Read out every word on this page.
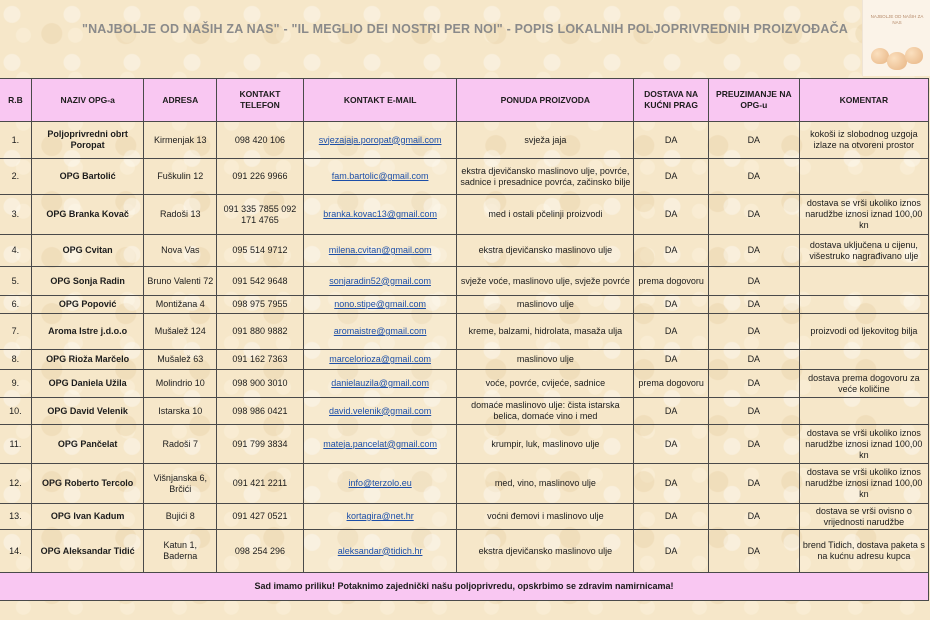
"NAJBOLJE OD NAŠIH ZA NAS" - "IL MEGLIO DEI NOSTRI PER NOI" - POPIS LOKALNIH POLJOPRIVREDNIH PROIZVOĐAČA
NAJBOLJE OD NAŠIH ZA NAS
R.B	NAZIV OPG-a	ADRESA	KONTAKT TELEFON	KONTAKT E-MAIL	PONUDA PROIZVODA	DOSTAVA NA KUĆNI PRAG	PREUZIMANJE NA OPG-u	KOMENTAR
1.	Poljoprivredni obrt Poropat	Kirmenjak 13	098 420 106	svjezajaja.poropat@gmail.com	svježa jaja	DA	DA	kokoši iz slobodnog uzgoja izlaze na otvoreni prostor
2.	OPG Bartolić	Fuškulin 12	091 226 9966	fam.bartolic@gmail.com	ekstra djevičansko maslinovo ulje, povrće, sadnice i presadnice povrća, začinsko bilje	DA	DA	
3.	OPG Branka Kovač	Radoši 13	091 335 7855 092 171 4765	branka.kovac13@gmail.com	med i ostali pčelinji proizvodi	DA	DA	dostava se vrši ukoliko iznos narudžbe iznosi iznad 100,00 kn
4.	OPG Cvitan	Nova Vas	095 514 9712	milena.cvitan@gmail.com	ekstra djevičansko maslinovo ulje	DA	DA	dostava uključena u cijenu, višestruko nagrađivano ulje
5.	OPG Sonja Radin	Bruno Valenti 72	091 542 9648	sonjaradin52@gmail.com	svježe voće, maslinovo ulje, svježe povrće	prema dogovoru	DA	
6.	OPG Popović	Montižana 4	098 975 7955	nono.stipe@gmail.com	maslinovo ulje	DA	DA	
7.	Aroma Istre j.d.o.o	Mušalež 124	091 880 9882	aromaistre@gmail.com	kreme, balzami, hidrolata, masaža ulja	DA	DA	proizvodi od ljekovitog bilja
8.	OPG Rioža Marčelo	Mušalež 63	091 162 7363	marcelorioza@gmail.com	maslinovo ulje	DA	DA	
9.	OPG Daniela Užila	Molindrio 10	098 900 3010	danielauzila@gmail.com	voće, povrće, cvijeće, sadnice	prema dogovoru	DA	dostava prema dogovoru za veće količine
10.	OPG David Velenik	Istarska 10	098 986 0421	david.velenik@gmail.com	domaće maslinovo ulje: čista istarska belica, domaće vino i med	DA	DA	
11.	OPG Pančelat	Radoši 7	091 799 3834	mateja.pancelat@gmail.com	krumpir, luk, maslinovo ulje	DA	DA	dostava se vrši ukoliko iznos narudžbe iznosi iznad 100,00 kn
12.	OPG Roberto Tercolo	Višnjanska 6, Brčići	091 421 2211	info@terzolo.eu	med, vino, maslinovo ulje	DA	DA	dostava se vrši ukoliko iznos narudžbe iznosi iznad 100,00 kn
13.	OPG Ivan Kadum	Bujići 8	091 427 0521	kortagira@net.hr	voćni đemovi i maslinovo ulje	DA	DA	dostava se vrši ovisno o vrijednosti narudžbe
14.	OPG Aleksandar Tidić	Katun 1, Baderna	098 254 296	aleksandar@tidich.hr	ekstra djevičansko maslinovo ulje	DA	DA	brend Tidich, dostava paketa s na kućnu adresu kupca
Sad imamo priliku! Potaknimo zajednički našu poljoprivredu, opskrbimo se zdravim namirnicama!								
